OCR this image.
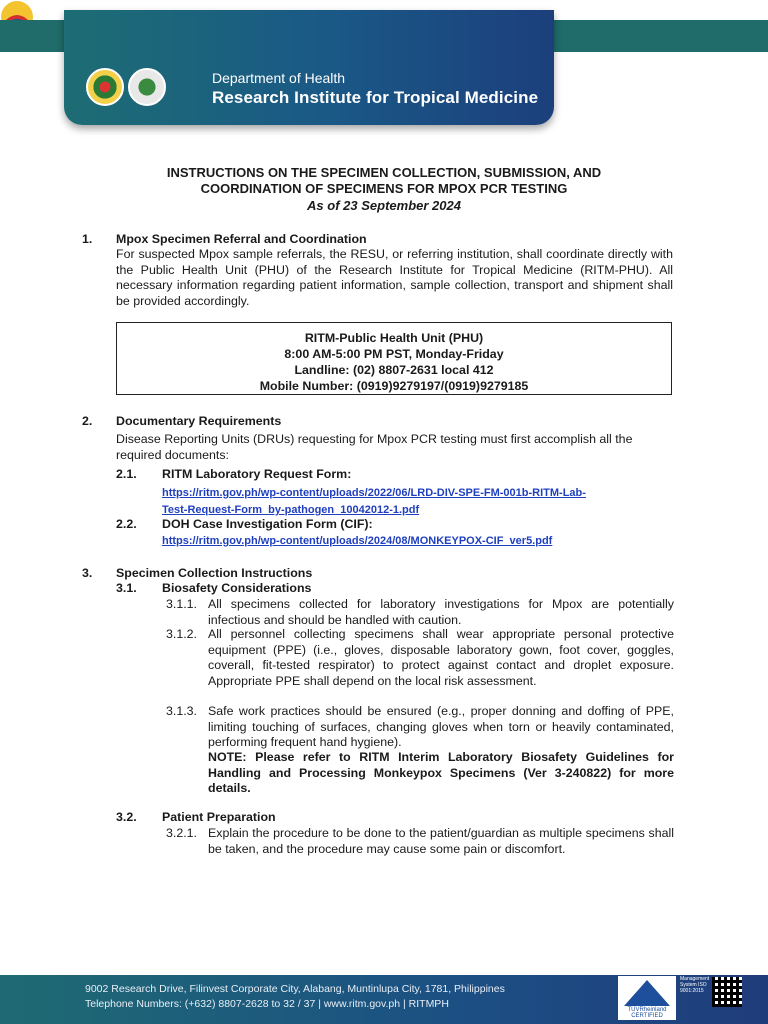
Department of Health
Research Institute for Tropical Medicine
INSTRUCTIONS ON THE SPECIMEN COLLECTION, SUBMISSION, AND
COORDINATION OF SPECIMENS FOR MPOX PCR TESTING
As of 23 September 2024
1. Mpox Specimen Referral and Coordination
For suspected Mpox sample referrals, the RESU, or referring institution, shall coordinate directly with the Public Health Unit (PHU) of the Research Institute for Tropical Medicine (RITM-PHU). All necessary information regarding patient information, sample collection, transport and shipment shall be provided accordingly.
RITM-Public Health Unit (PHU)
8:00 AM-5:00 PM PST, Monday-Friday
Landline: (02) 8807-2631 local 412
Mobile Number: (0919)9279197/(0919)9279185
2. Documentary Requirements
Disease Reporting Units (DRUs) requesting for Mpox PCR testing must first accomplish all the required documents:
2.1. RITM Laboratory Request Form:
https://ritm.gov.ph/wp-content/uploads/2022/06/LRD-DIV-SPE-FM-001b-RITM-Lab-
Test-Request-Form_by-pathogen_10042012-1.pdf
2.2. DOH Case Investigation Form (CIF):
https://ritm.gov.ph/wp-content/uploads/2024/08/MONKEYPOX-CIF_ver5.pdf
3. Specimen Collection Instructions
3.1. Biosafety Considerations
3.1.1. All specimens collected for laboratory investigations for Mpox are potentially infectious and should be handled with caution.
3.1.2. All personnel collecting specimens shall wear appropriate personal protective equipment (PPE) (i.e., gloves, disposable laboratory gown, foot cover, goggles, coverall, fit-tested respirator) to protect against contact and droplet exposure. Appropriate PPE shall depend on the local risk assessment.
3.1.3. Safe work practices should be ensured (e.g., proper donning and doffing of PPE, limiting touching of surfaces, changing gloves when torn or heavily contaminated, performing frequent hand hygiene).
NOTE: Please refer to RITM Interim Laboratory Biosafety Guidelines for Handling and Processing Monkeypox Specimens (Ver 3-240822) for more details.
3.2. Patient Preparation
3.2.1. Explain the procedure to be done to the patient/guardian as multiple specimens shall be taken, and the procedure may cause some pain or discomfort.
9002 Research Drive, Filinvest Corporate City, Alabang, Muntinlupa City, 1781, Philippines
Telephone Numbers: (+632) 8807-2628 to 32 / 37 | www.ritm.gov.ph | RITMPH	TÜVRheinland CERTIFIED
Management System ISO 9001:2015
